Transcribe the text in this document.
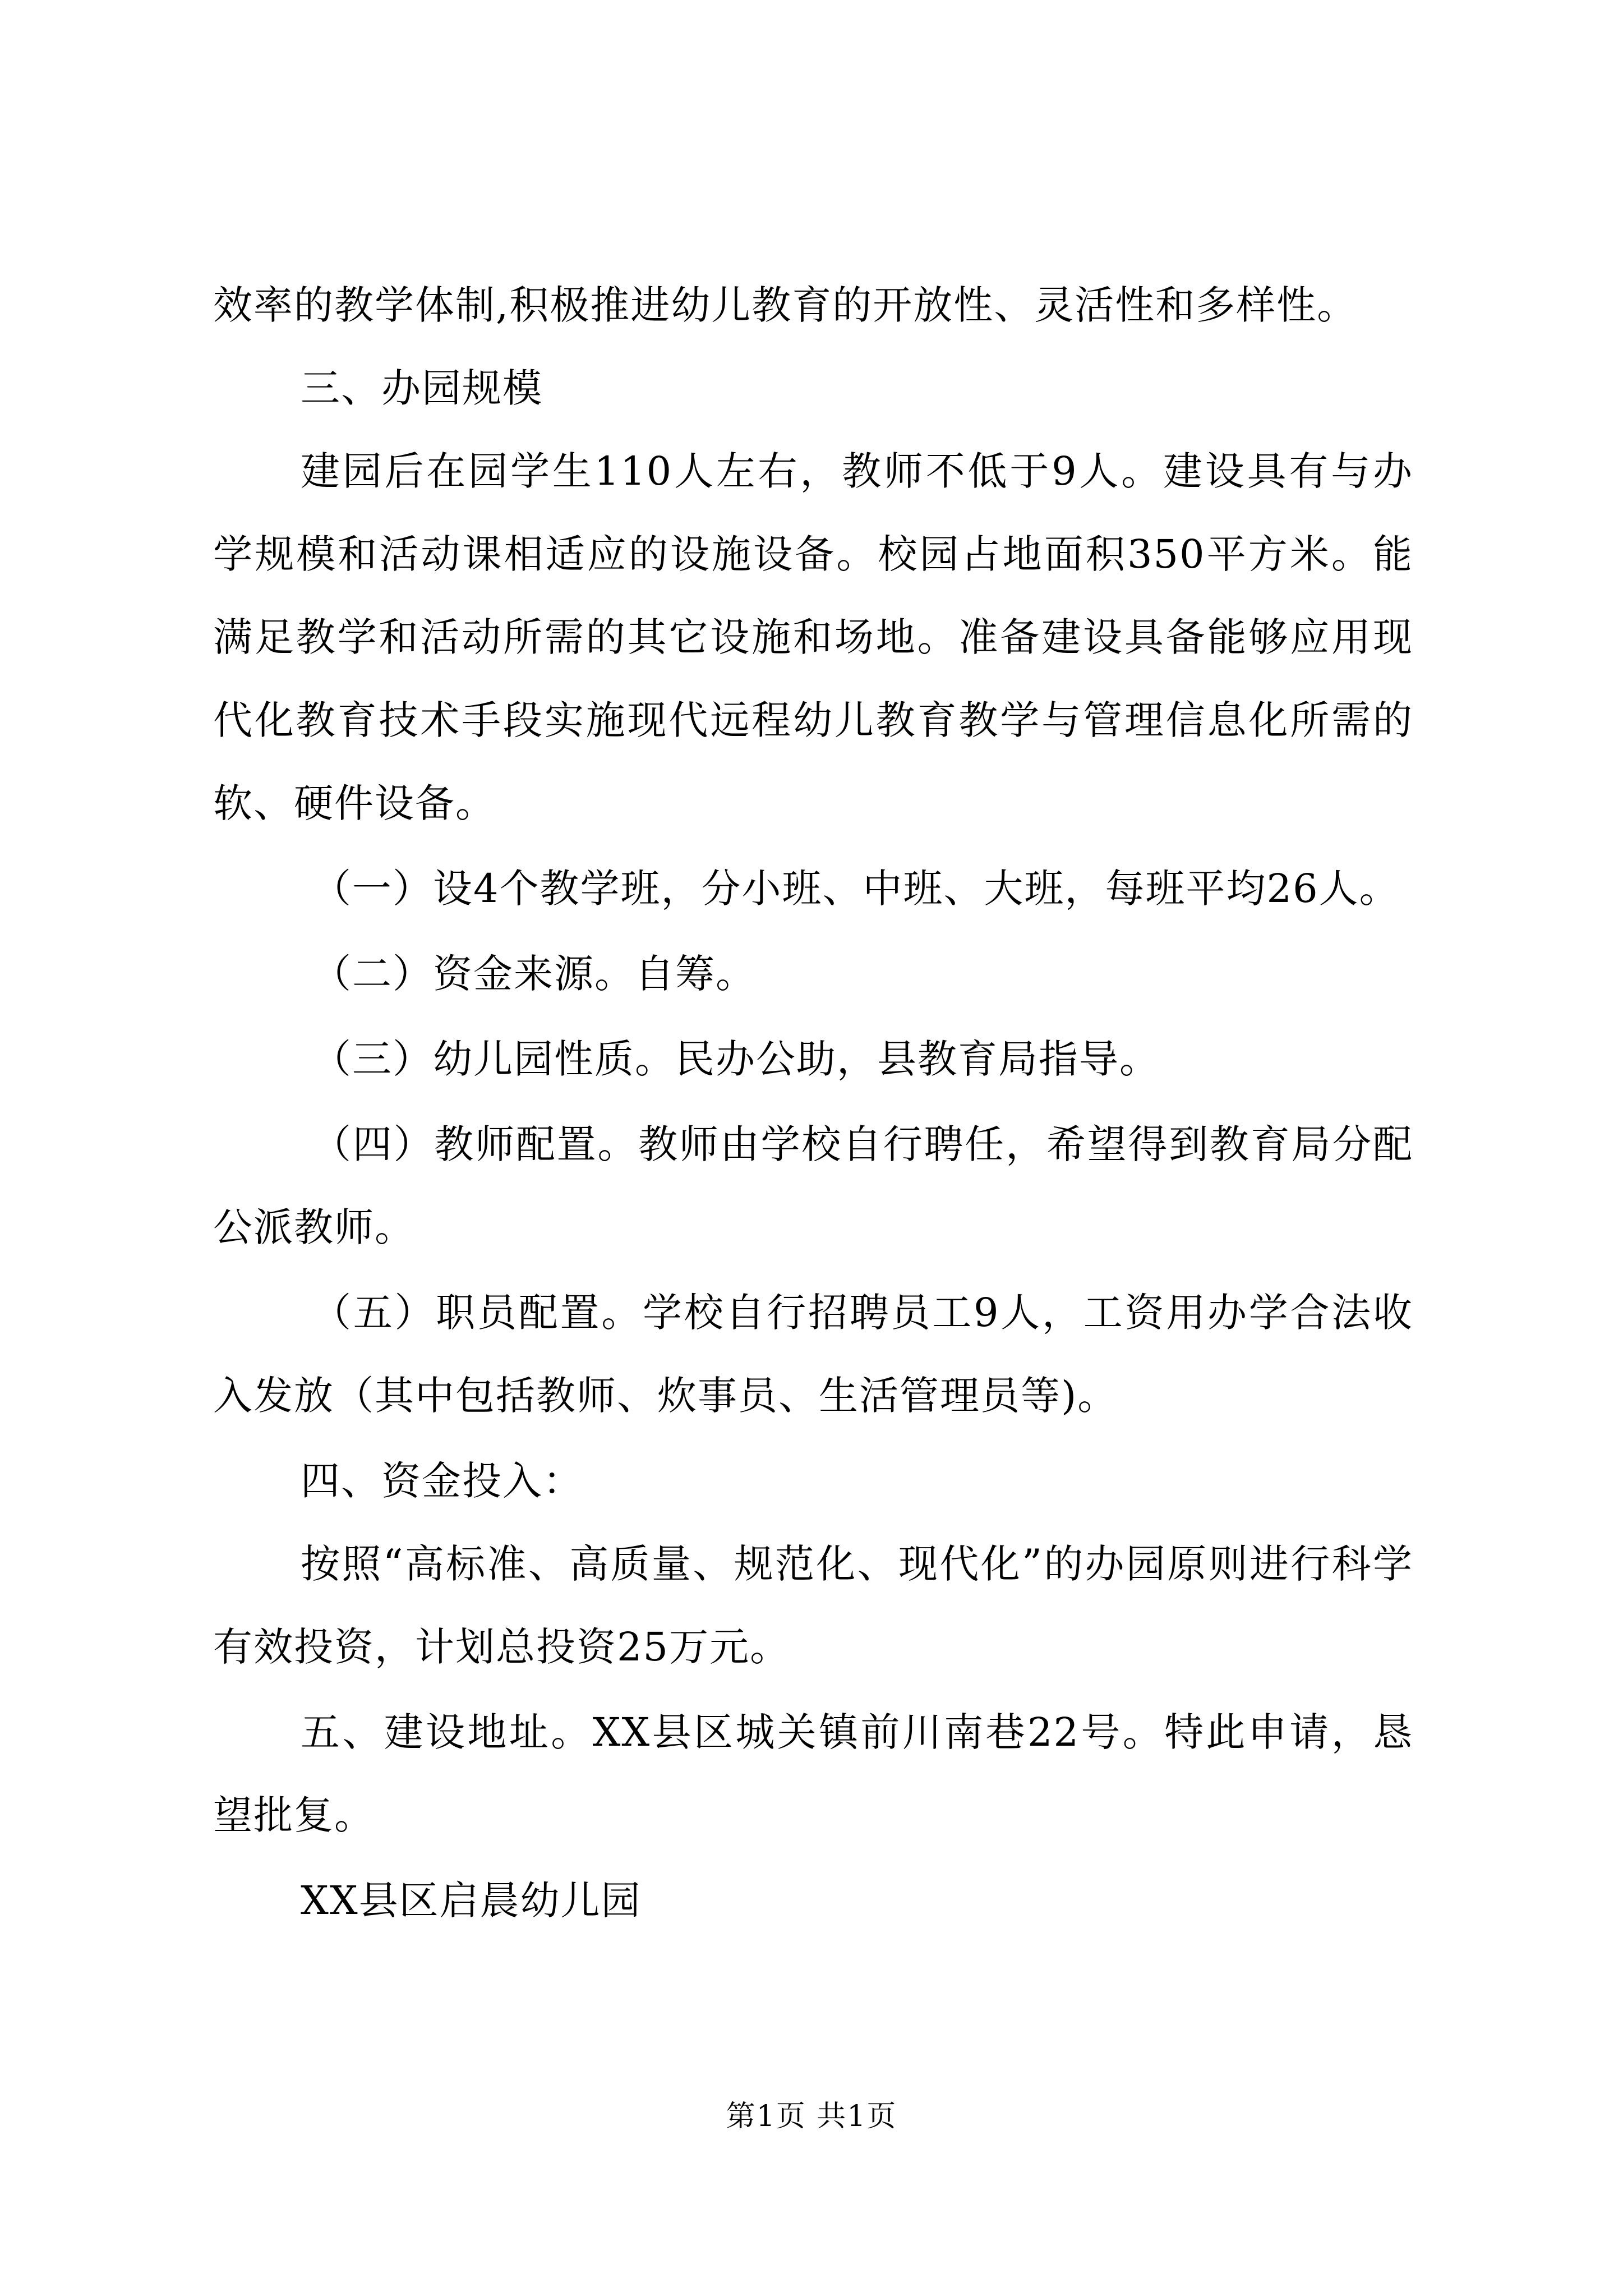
效率的教学体制,积极推进幼儿教育的开放性、灵活性和多样性。

三、办园规模

建园后在园学生110人左右，教师不低于9人。建设具有与办学规模和活动课相适应的设施设备。校园占地面积350平方米。能满足教学和活动所需的其它设施和场地。准备建设具备能够应用现代化教育技术手段实施现代远程幼儿教育教学与管理信息化所需的软、硬件设备。

（一）设4个教学班，分小班、中班、大班，每班平均26人。

（二）资金来源。自筹。

（三）幼儿园性质。民办公助，县教育局指导。

（四）教师配置。教师由学校自行聘任，希望得到教育局分配公派教师。

（五）职员配置。学校自行招聘员工9人，工资用办学合法收入发放（其中包括教师、炊事员、生活管理员等)。

四、资金投入：

按照“高标准、高质量、规范化、现代化”的办园原则进行科学有效投资，计划总投资25万元。

五、建设地址。XX县区城关镇前川南巷22号。特此申请，恳望批复。

XX县区启晨幼儿园

第1页 共1页
